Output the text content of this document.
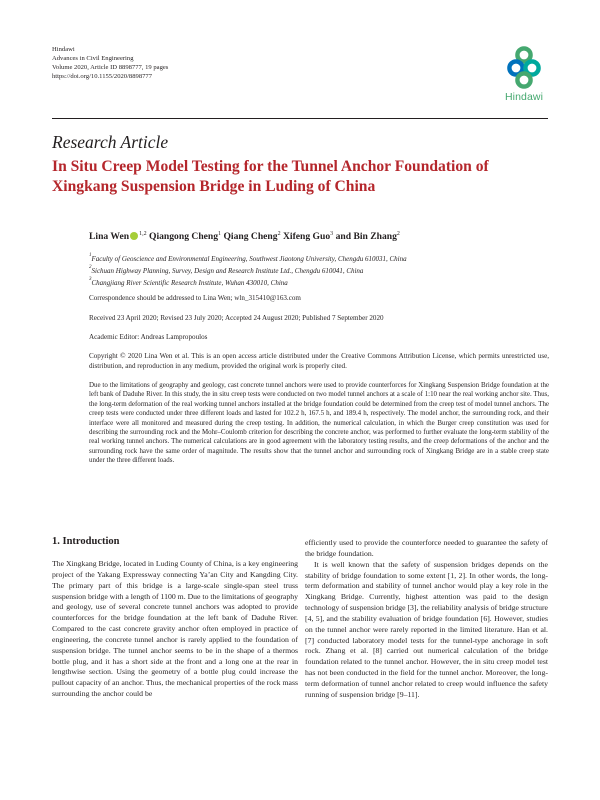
Hindawi
Advances in Civil Engineering
Volume 2020, Article ID 8898777, 19 pages
https://doi.org/10.1155/2020/8898777
Hindawi
Research Article
In Situ Creep Model Testing for the Tunnel Anchor Foundation of Xingkang Suspension Bridge in Luding of China
Lina Wen $^{1,2}$ Qiangong Cheng$^1$ Qiang Cheng$^2$ Xifeng Guo$^3$ and Bin Zhang$^2$
$^1$Faculty of Geoscience and Environmental Engineering, Southwest Jiaotong University, Chengdu 610031, China
$^2$Sichuan Highway Planning, Survey, Design and Research Institute Ltd., Chengdu 610041, China
$^3$Changjiang River Scientific Research Institute, Wuhan 430010, China
Correspondence should be addressed to Lina Wen; wln_315410@163.com
Received 23 April 2020; Revised 23 July 2020; Accepted 24 August 2020; Published 7 September 2020
Academic Editor: Andreas Lampropoulos
Copyright © 2020 Lina Wen et al. This is an open access article distributed under the Creative Commons Attribution License, which permits unrestricted use, distribution, and reproduction in any medium, provided the original work is properly cited.
Due to the limitations of geography and geology, cast concrete tunnel anchors were used to provide counterforces for Xingkang Suspension Bridge foundation at the left bank of Daduhe River. In this study, the in situ creep tests were conducted on two model tunnel anchors at a scale of 1:10 near the real working anchor site. Thus, the long-term deformation of the real working tunnel anchors installed at the bridge foundation could be determined from the creep test of model tunnel anchors. The creep tests were conducted under three different loads and lasted for 102.2 h, 167.5 h, and 189.4 h, respectively. The model anchor, the surrounding rock, and their interface were all monitored and measured during the creep testing. In addition, the numerical calculation, in which the Burger creep constitution was used for describing the surrounding rock and the Mohr–Coulomb criterion for describing the concrete anchor, was performed to further evaluate the long-term stability of the real working tunnel anchors. The numerical calculations are in good agreement with the laboratory testing results, and the creep deformations of the anchor and the surrounding rock have the same order of magnitude. The results show that the tunnel anchor and surrounding rock of Xingkang Bridge are in a stable creep state under the three different loads.
1. Introduction

The Xingkang Bridge, located in Luding County of China, is a key engineering project of the Yakang Expressway connecting Ya’an City and Kangding City. The primary part of this bridge is a large-scale single-span steel truss suspension bridge with a length of 1100 m. Due to the limitations of geography and geology, use of several concrete tunnel anchors was adopted to provide counterforces for the bridge foundation at the left bank of Daduhe River. Compared to the cast concrete gravity anchor often employed in practice of engineering, the concrete tunnel anchor is rarely applied to the foundation of suspension bridge. The tunnel anchor seems to be in the shape of a thermos bottle plug, and it has a short side at the front and a long one at the rear in lengthwise section. Using the geometry of a bottle plug could increase the pullout capacity of an anchor. Thus, the mechanical properties of the rock mass surrounding the anchor could be

efficiently used to provide the counterforce needed to guarantee the safety of the bridge foundation.

It is well known that the safety of suspension bridges depends on the stability of bridge foundation to some extent [1, 2]. In other words, the long-term deformation and stability of tunnel anchor would play a key role in the Xingkang Bridge. Currently, highest attention was paid to the design technology of suspension bridge [3], the reliability analysis of bridge structure [4, 5], and the stability evaluation of bridge foundation [6]. However, studies on the tunnel anchor were rarely reported in the limited literature. Han et al. [7] conducted laboratory model tests for the tunnel-type anchorage in soft rock. Zhang et al. [8] carried out numerical calculation of the bridge foundation related to the tunnel anchor. However, the in situ creep model test has not been conducted in the field for the tunnel anchor. Moreover, the long-term deformation of tunnel anchor related to creep would influence the safety running of suspension bridge [9–11].
